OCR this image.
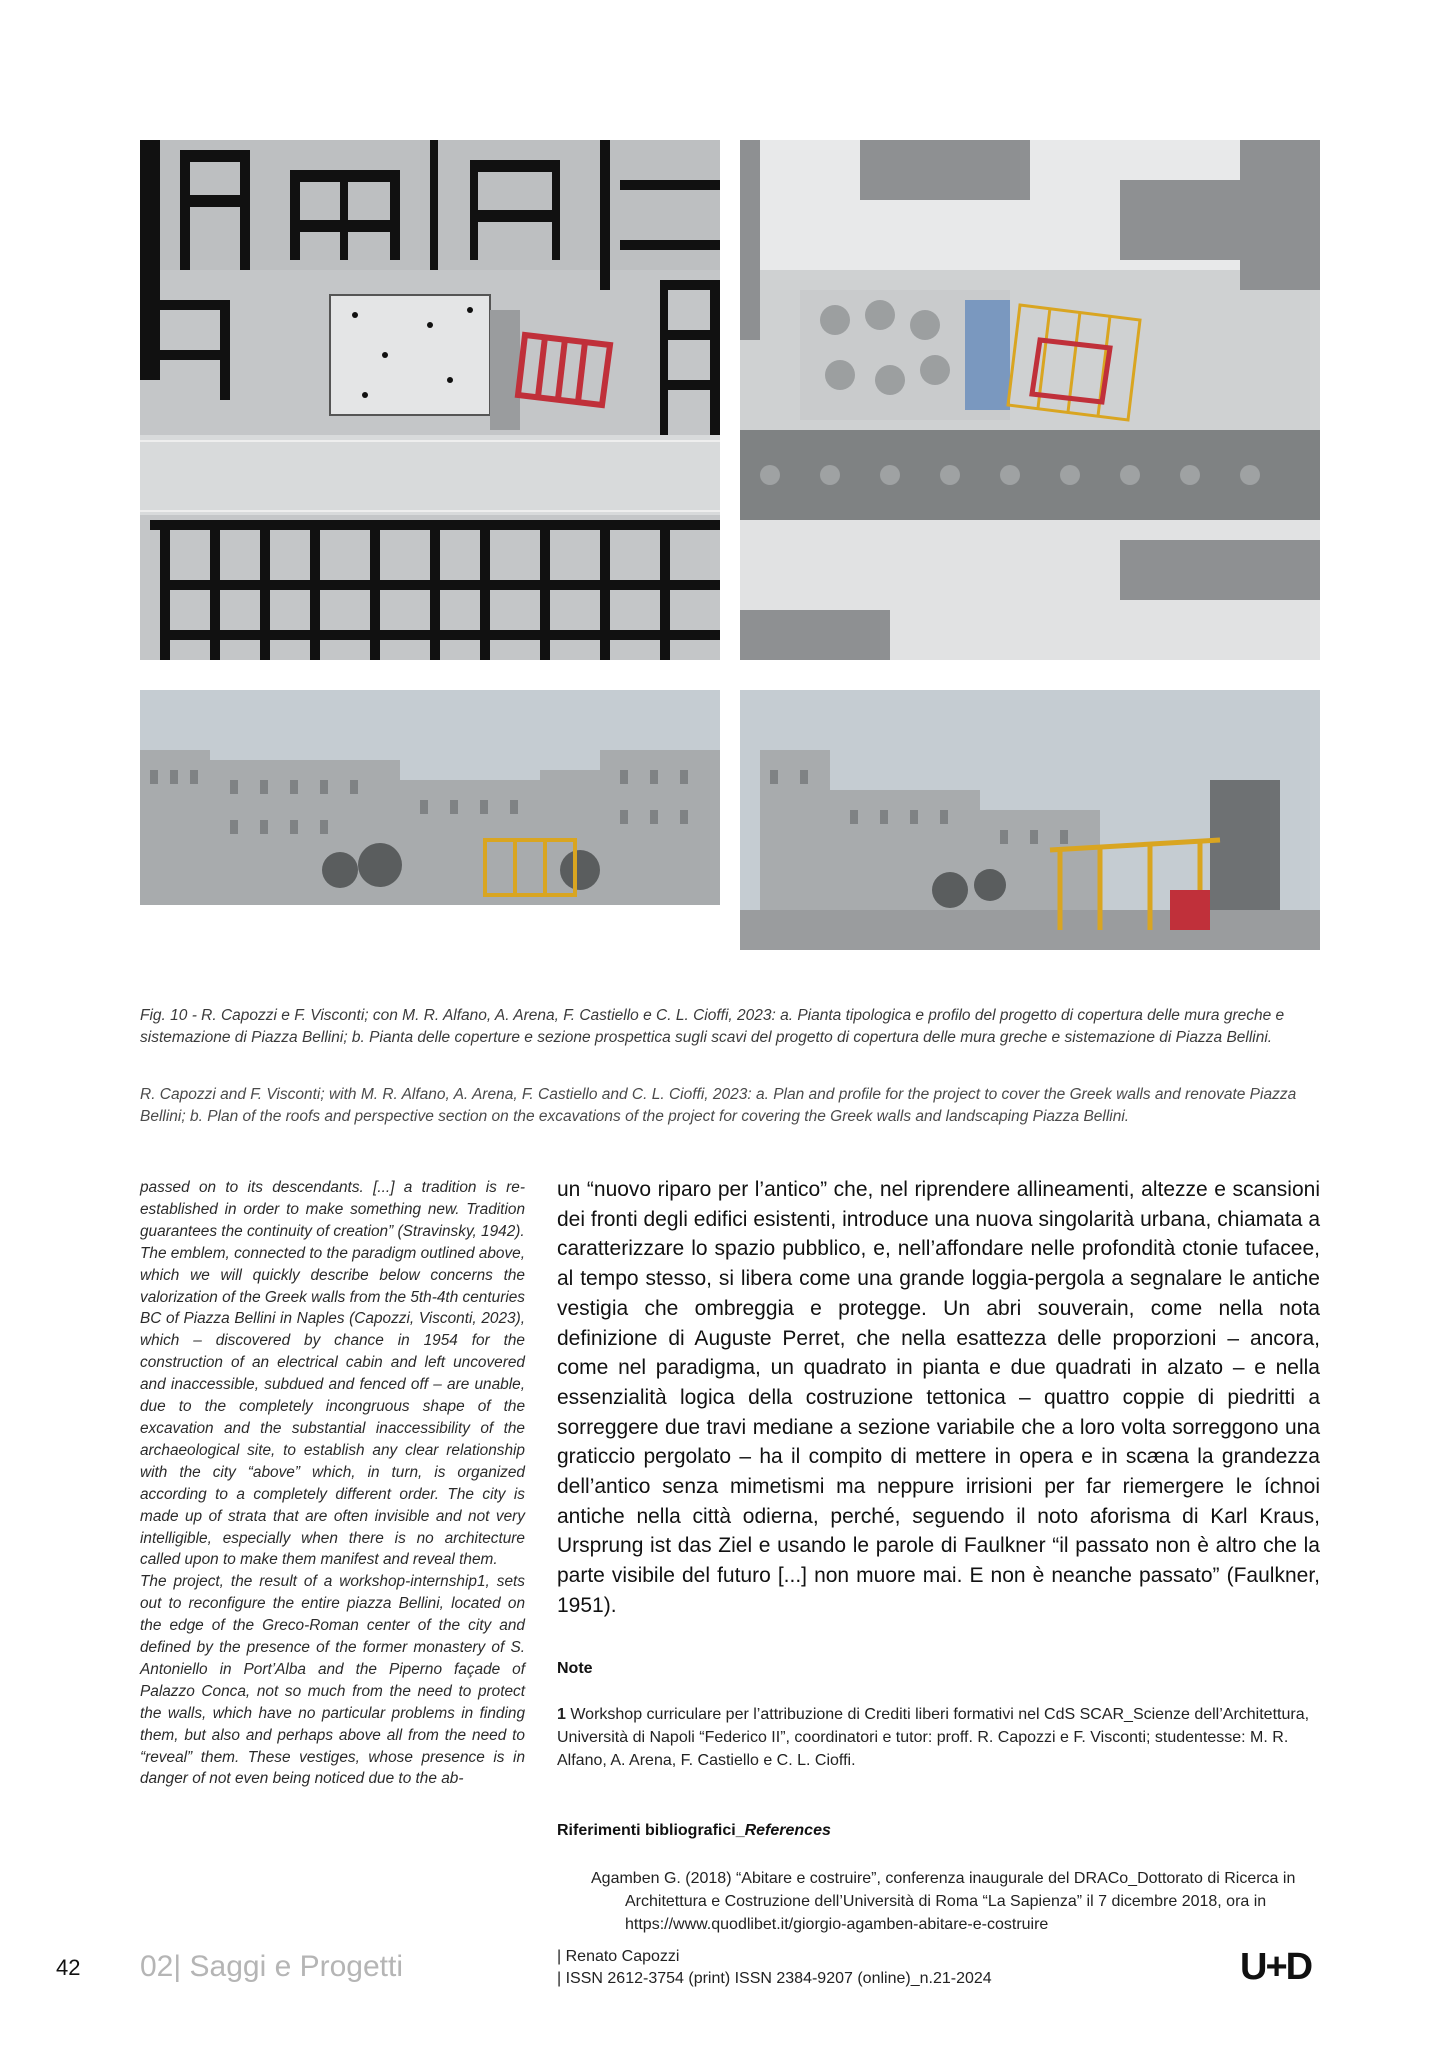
Fig. 10 - R. Capozzi e F. Visconti; con M. R. Alfano, A. Arena, F. Castiello e C. L. Cioffi, 2023: a. Pianta tipologica e profilo del progetto di copertura delle mura greche e sistemazione di Piazza Bellini; b. Pianta delle coperture e sezione prospettica sugli scavi del progetto di copertura delle mura greche e sistemazione di Piazza Bellini.
R. Capozzi and F. Visconti; with M. R. Alfano, A. Arena, F. Castiello and C. L. Cioffi, 2023: a. Plan and profile for the project to cover the Greek walls and renovate Piazza Bellini; b. Plan of the roofs and perspective section on the excavations of the project for covering the Greek walls and landscaping Piazza Bellini.

passed on to its descendants. [...] a tradition is re-established in order to make something new. Tradition guarantees the continuity of creation” (Stravinsky, 1942).

The emblem, connected to the paradigm outlined above, which we will quickly describe below concerns the valorization of the Greek walls from the 5th-4th centuries BC of Piazza Bellini in Naples (Capozzi, Visconti, 2023), which – discovered by chance in 1954 for the construction of an electrical cabin and left uncovered and inaccessible, subdued and fenced off – are unable, due to the completely incongruous shape of the excavation and the substantial inaccessibility of the archaeological site, to establish any clear relationship with the city “above” which, in turn, is organized according to a completely different order. The city is made up of strata that are often invisible and not very intelligible, especially when there is no architecture called upon to make them manifest and reveal them.

The project, the result of a workshop-internship1, sets out to reconfigure the entire piazza Bellini, located on the edge of the Greco-Roman center of the city and defined by the presence of the former monastery of S. Antoniello in Port’Alba and the Piperno façade of Palazzo Conca, not so much from the need to protect the walls, which have no particular problems in finding them, but also and perhaps above all from the need to “reveal” them. These vestiges, whose presence is in danger of not even being noticed due to the ab-

un “nuovo riparo per l’antico” che, nel riprendere allineamenti, altezze e scansioni dei fronti degli edifici esistenti, introduce una nuova singolarità urbana, chiamata a caratterizzare lo spazio pubblico, e, nell’affondare nelle profondità ctonie tufacee, al tempo stesso, si libera come una grande loggia-pergola a segnalare le antiche vestigia che ombreggia e protegge. Un abri souverain, come nella nota definizione di Auguste Perret, che nella esattezza delle proporzioni – ancora, come nel paradigma, un quadrato in pianta e due quadrati in alzato – e nella essenzialità logica della costruzione tettonica – quattro coppie di piedritti a sorreggere due travi mediane a sezione variabile che a loro volta sorreggono una graticcio pergolato – ha il compito di mettere in opera e in scæna la grandezza dell’antico senza mimetismi ma neppure irrisioni per far riemergere le íchnoi antiche nella città odierna, perché, seguendo il noto aforisma di Karl Kraus, Ursprung ist das Ziel e usando le parole di Faulkner “il passato non è altro che la parte visibile del futuro [...] non muore mai. E non è neanche passato” (Faulkner, 1951).

Note
1 Workshop curriculare per l’attribuzione di Crediti liberi formativi nel CdS SCAR_Scienze dell’Architettura, Università di Napoli “Federico II”, coordinatori e tutor: proff. R. Capozzi e F. Visconti; studentesse: M. R. Alfano, A. Arena, F. Castiello e C. L. Cioffi.
Riferimenti bibliografici_References
Agamben G. (2018) “Abitare e costruire”, conferenza inaugurale del DRACo_Dottorato di Ricerca in Architettura e Costruzione dell’Università di Roma “La Sapienza” il 7 dicembre 2018, ora in https://www.quodlibet.it/giorgio-agamben-abitare-e-costruire
42 02| Saggi e Progetti	| Renato Capozzi
| ISSN 2612-3754 (print) ISSN 2384-9207 (online)_n.21-2024	U+D
